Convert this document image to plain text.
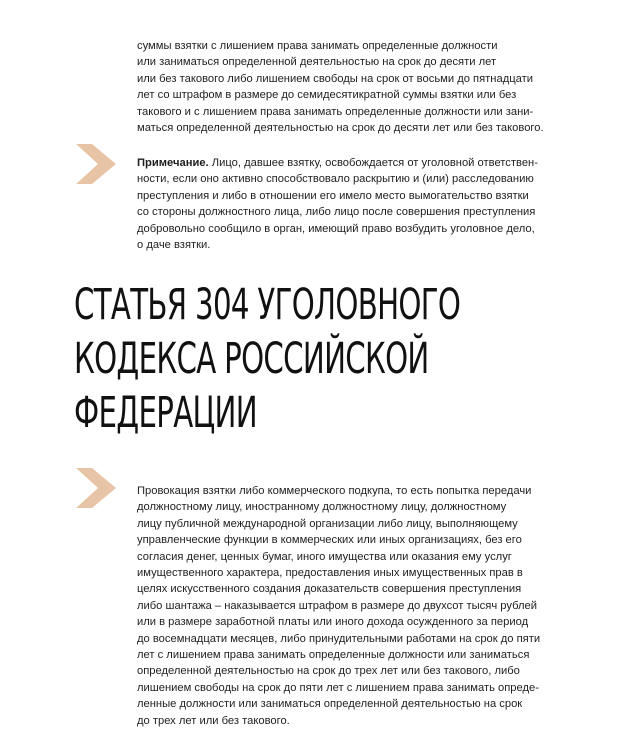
суммы взятки с лишением права занимать определенные должности
или заниматься определенной деятельностью на срок до десяти лет
или без такового либо лишением свободы на срок от восьми до пятнадцати
лет со штрафом в размере до семидесятикратной суммы взятки или без
такового и с лишением права занимать определенные должности или зани-
маться определенной деятельностью на срок до десяти лет или без такового.

Примечание. Лицо, давшее взятку, освобождается от уголовной ответствен-
ности, если оно активно способствовало раскрытию и (или) расследованию
преступления и либо в отношении его имело место вымогательство взятки
со стороны должностного лица, либо лицо после совершения преступления
добровольно сообщило в орган, имеющий право возбудить уголовное дело,
о даче взятки.

СТАТЬЯ 304 УГОЛОВНОГО
КОДЕКСА РОССИЙСКОЙ
ФЕДЕРАЦИИ

Провокация взятки либо коммерческого подкупа, то есть попытка передачи
должностному лицу, иностранному должностному лицу, должностному
лицу публичной международной организации либо лицу, выполняющему
управленческие функции в коммерческих или иных организациях, без его
согласия денег, ценных бумаг, иного имущества или оказания ему услуг
имущественного характера, предоставления иных имущественных прав в
целях искусственного создания доказательств совершения преступления
либо шантажа – наказывается штрафом в размере до двухсот тысяч рублей
или в размере заработной платы или иного дохода осужденного за период
до восемнадцати месяцев, либо принудительными работами на срок до пяти
лет с лишением права занимать определенные должности или заниматься
определенной деятельностью на срок до трех лет или без такового, либо
лишением свободы на срок до пяти лет с лишением права занимать опреде-
ленные должности или заниматься определенной деятельностью на срок
до трех лет или без такового.
